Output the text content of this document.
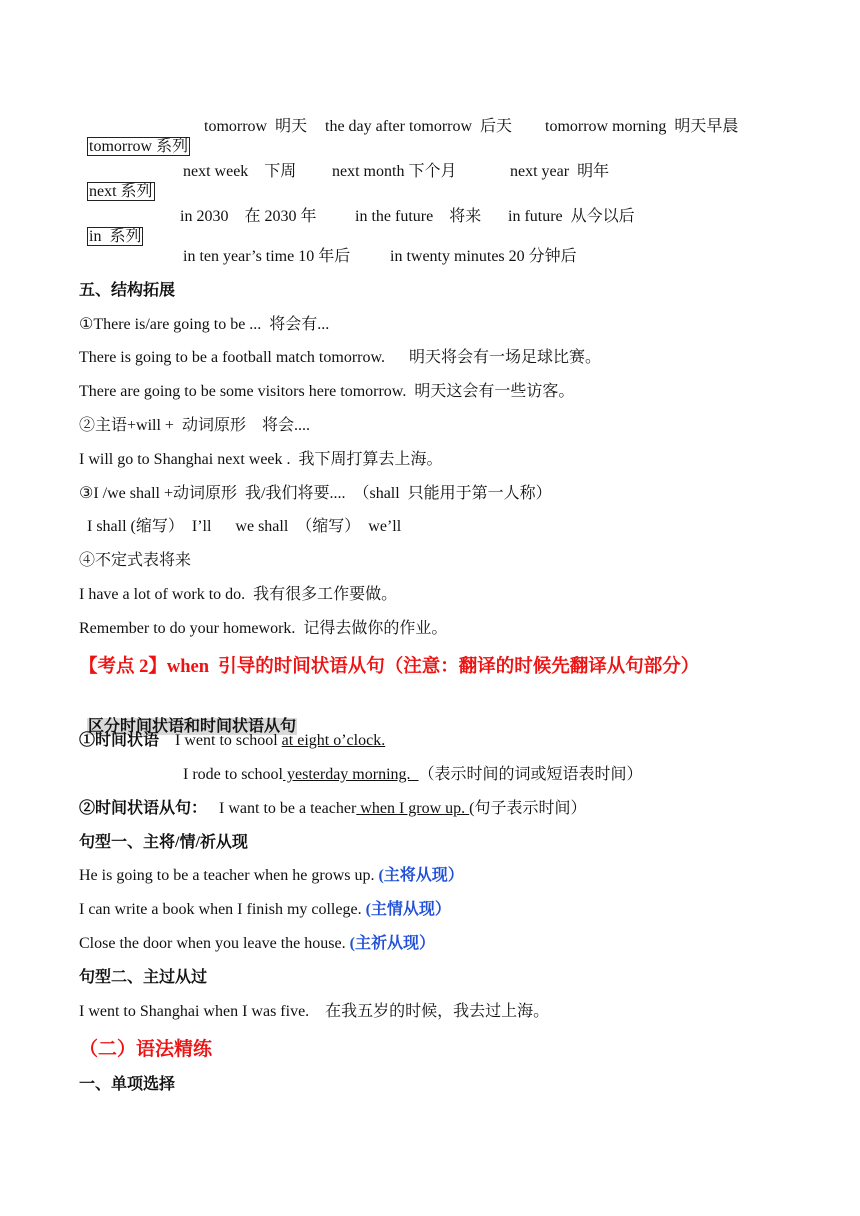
tomorrow 系列

tomorrow  明天 the day after tomorrow  后天 tomorrow morning  明天早晨

next 系列

next week    下周 next month 下个月	next year  明年

in  系列

in 2030    在 2030 年 in the future    将来 in future  从今以后
in ten year’s time 10 年后 in twenty minutes 20 分钟后
五、结构拓展
①There is/are going to be ...  将会有...
There is going to be a football match tomorrow.      明天将会有一场足球比赛。
There are going to be some visitors here tomorrow.  明天这会有一些访客。
②主语+will +  动词原形    将会....
I will go to Shanghai next week .  我下周打算去上海。
③I /we shall +动词原形  我/我们将要....  （shall  只能用于第一人称）
I shall (缩写）  I’ll      we shall  （缩写）  we’ll
④不定式表将来
I have a lot of work to do.  我有很多工作要做。
Remember to do your homework.  记得去做你的作业。
【考点 2】when  引导的时间状语从句（注意：翻译的时候先翻译从句部分）

区分时间状语和时间状语从句

①时间状语 I went to school at eight o’clock.
I rode to school yesterday morning.  （表示时间的词或短语表时间）
②时间状语从句：   I want to be a teacher when I grow up. (句子表示时间）
句型一、主将/情/祈从现
He is going to be a teacher when he grows up. (主将从现）
I can write a book when I finish my college. (主情从现）
Close the door when you leave the house. (主祈从现）
句型二、主过从过
I went to Shanghai when I was five.    在我五岁的时候，我去过上海。
（二）语法精练
一、单项选择
